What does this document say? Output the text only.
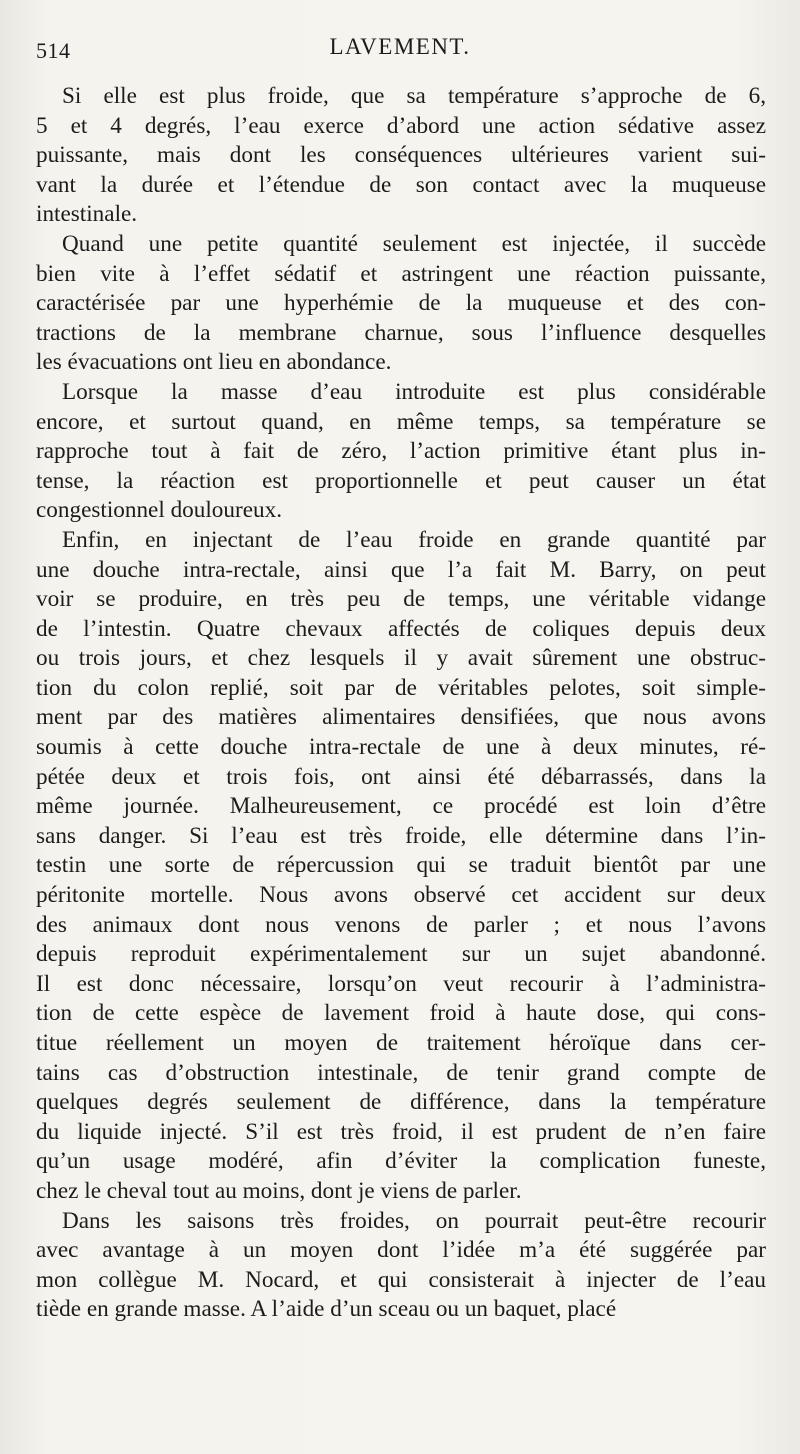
514	LAVEMENT.
Si elle est plus froide, que sa température s’approche de 6,
5 et 4 degrés, l’eau exerce d’abord une action sédative assez
puissante, mais dont les conséquences ultérieures varient sui-
vant la durée et l’étendue de son contact avec la muqueuse
intestinale.
Quand une petite quantité seulement est injectée, il succède
bien vite à l’effet sédatif et astringent une réaction puissante,
caractérisée par une hyperhémie de la muqueuse et des con-
tractions de la membrane charnue, sous l’influence desquelles
les évacuations ont lieu en abondance.
Lorsque la masse d’eau introduite est plus considérable
encore, et surtout quand, en même temps, sa température se
rapproche tout à fait de zéro, l’action primitive étant plus in-
tense, la réaction est proportionnelle et peut causer un état
congestionnel douloureux.
Enfin, en injectant de l’eau froide en grande quantité par
une douche intra-rectale, ainsi que l’a fait M. Barry, on peut
voir se produire, en très peu de temps, une véritable vidange
de l’intestin. Quatre chevaux affectés de coliques depuis deux
ou trois jours, et chez lesquels il y avait sûrement une obstruc-
tion du colon replié, soit par de véritables pelotes, soit simple-
ment par des matières alimentaires densifiées, que nous avons
soumis à cette douche intra-rectale de une à deux minutes, ré-
pétée deux et trois fois, ont ainsi été débarrassés, dans la
même journée. Malheureusement, ce procédé est loin d’être
sans danger. Si l’eau est très froide, elle détermine dans l’in-
testin une sorte de répercussion qui se traduit bientôt par une
péritonite mortelle. Nous avons observé cet accident sur deux
des animaux dont nous venons de parler ; et nous l’avons
depuis reproduit expérimentalement sur un sujet abandonné.
Il est donc nécessaire, lorsqu’on veut recourir à l’administra-
tion de cette espèce de lavement froid à haute dose, qui cons-
titue réellement un moyen de traitement héroïque dans cer-
tains cas d’obstruction intestinale, de tenir grand compte de
quelques degrés seulement de différence, dans la température
du liquide injecté. S’il est très froid, il est prudent de n’en faire
qu’un usage modéré, afin d’éviter la complication funeste,
chez le cheval tout au moins, dont je viens de parler.
Dans les saisons très froides, on pourrait peut-être recourir
avec avantage à un moyen dont l’idée m’a été suggérée par
mon collègue M. Nocard, et qui consisterait à injecter de l’eau
tiède en grande masse. A l’aide d’un sceau ou un baquet, placé
